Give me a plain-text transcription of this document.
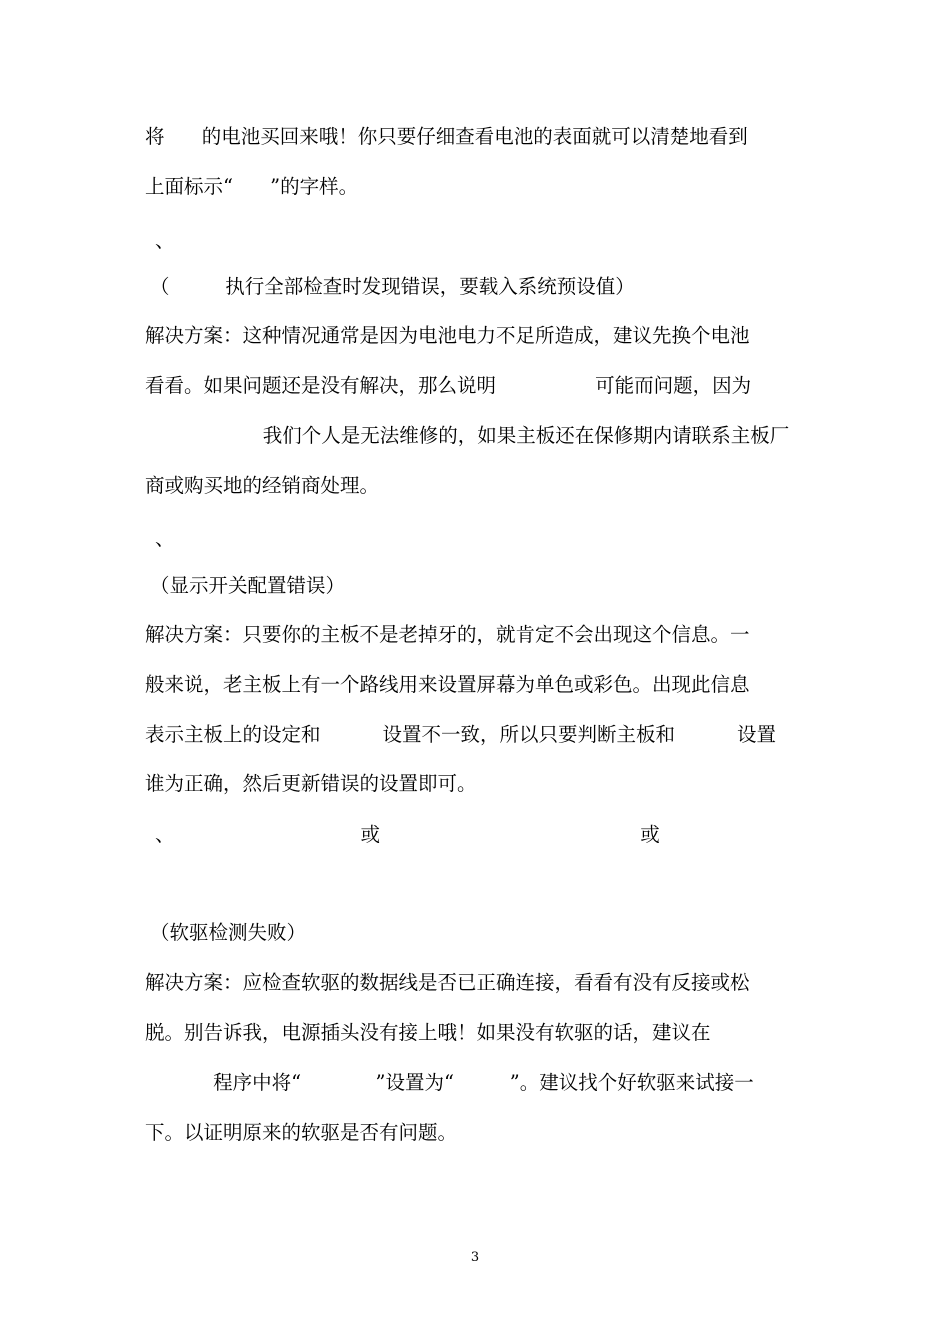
将      的电池买回来哦！你只要仔细查看电池的表面就可以清楚地看到

上面标示“      ”的字样。

、

（         执行全部检查时发现错误，要载入系统预设值）

解决方案：这种情况通常是因为电池电力不足所造成，建议先换个电池

看看。如果问题还是没有解决，那么说明                可能而问题，因为

我们个人是无法维修的，如果主板还在保修期内请联系主板厂

商或购买地的经销商处理。

、

（显示开关配置错误）

解决方案：只要你的主板不是老掉牙的，就肯定不会出现这个信息。一

般来说，老主板上有一个路线用来设置屏幕为单色或彩色。出现此信息

表示主板上的设定和          设置不一致，所以只要判断主板和          设置

谁为正确，然后更新错误的设置即可。

、                              或                                          或

（软驱检测失败）

解决方案：应检查软驱的数据线是否已正确连接，看看有没有反接或松

脱。别告诉我，电源插头没有接上哦！如果没有软驱的话，建议在

程序中将“            ”设置为“         ”。建议找个好软驱来试接一

下。以证明原来的软驱是否有问题。

3
